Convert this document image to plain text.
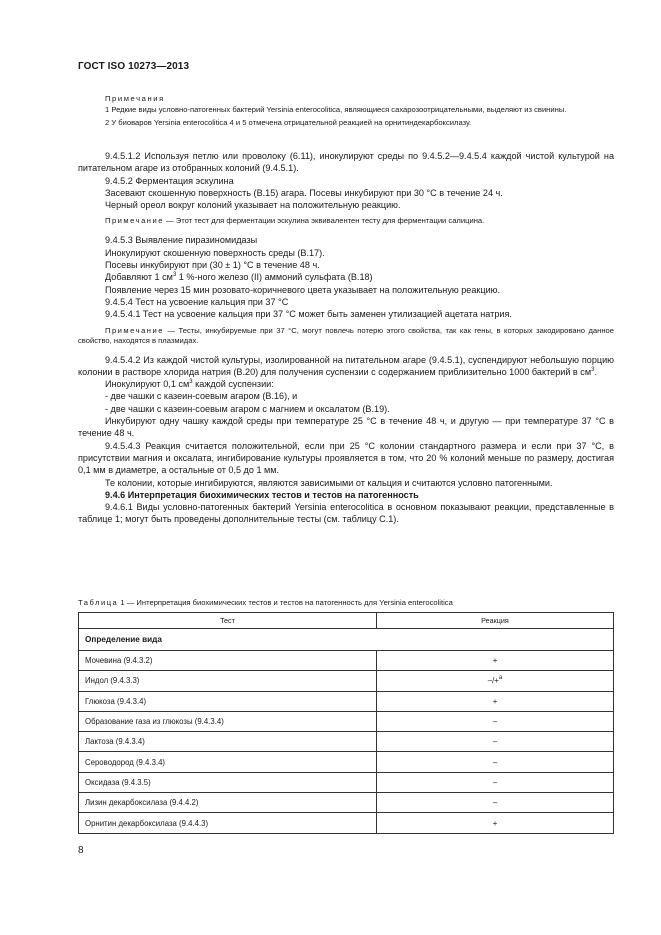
ГОСТ ISO 10273—2013

Примечания

1 Редкие виды условно-патогенных бактерий Yersinia enterocolitica, являющиеся сахарозоотрицательными, выделяют из свинины.

2 У биоваров Yersinia enterocolitica 4 и 5 отмечена отрицательной реакцией на орнитиндекарбоксилазу.

9.4.5.1.2 Используя петлю или проволоку (6.11), инокулируют среды по 9.4.5.2—9.4.5.4 каждой чистой культурой на питательном агаре из отобранных колоний (9.4.5.1).

9.4.5.2 Ферментация эскулина

Засевают скошенную поверхность (В.15) агара. Посевы инкубируют при 30 °С в течение 24 ч.

Черный ореол вокруг колоний указывает на положительную реакцию.

Примечание — Этот тест для ферментации эскулина эквивалентен тесту для ферментации салицина.

9.4.5.3 Выявление пиразиномидазы

Инокулируют скошенную поверхность среды (В.17).

Посевы инкубируют при (30 ± 1) °С в течение 48 ч.

Добавляют 1 $см^3$ 1 %-ного железо (II) аммоний сульфата (В.18)

Появление через 15 мин розовато-коричневого цвета указывает на положительную реакцию.

9.4.5.4 Тест на усвоение кальция при 37 °С

9.4.5.4.1 Тест на усвоение кальция при 37 °С может быть заменен утилизацией ацетата натрия.

Примечание — Тесты, инкубируемые при 37 °С, могут повлечь потерю этого свойства, так как гены, в которых закодировано данное свойство, находятся в плазмидах.

9.4.5.4.2 Из каждой чистой культуры, изолированной на питательном агаре (9.4.5.1), суспендируют небольшую порцию колонии в растворе хлорида натрия (В.20) для получения суспензии с содержанием приблизительно 1000 бактерий в $см^3$.

Инокулируют 0,1 $см^3$ каждой суспензии:

- две чашки с казеин-соевым агаром (В.16), и

- две чашки с казеин-соевым агаром с магнием и оксалатом (В.19).

Инкубируют одну чашку каждой среды при температуре 25 °С в течение 48 ч, и другую — при температуре 37 °С в течение 48 ч.

9.4.5.4.3 Реакция считается положительной, если при 25 °С колонии стандартного размера и если при 37 °С, в присутствии магния и оксалата, ингибирование культуры проявляется в том, что 20 % колоний меньше по размеру, достигая 0,1 мм в диаметре, а остальные от 0,5 до 1 мм.

Те колонии, которые ингибируются, являются зависимыми от кальция и считаются условно патогенными.

9.4.6 Интерпретация биохимических тестов и тестов на патогенность

9.4.6.1 Виды условно-патогенных бактерий Yersinia enterocolitica в основном показывают реакции, представленные в таблице 1; могут быть проведены дополнительные тесты (см. таблицу С.1).

Таблица 1 — Интерпретация биохимических тестов и тестов на патогенность для Yersinia enterocolitica
Тест	Реакция
Определение вида	
Мочевина (9.4.3.2)	+
Индол (9.4.3.3)	–/+$^a$
Глюкоза (9.4.3.4)	+
Образование газа из глюкозы (9.4.3.4)	–
Лактоза (9.4.3.4)	–
Сероводород (9.4.3.4)	–
Оксидаза (9.4.3.5)	–
Лизин декарбоксилаза (9.4.4.2)	–
Орнитин декарбоксилаза (9.4.4.3)	+
8
